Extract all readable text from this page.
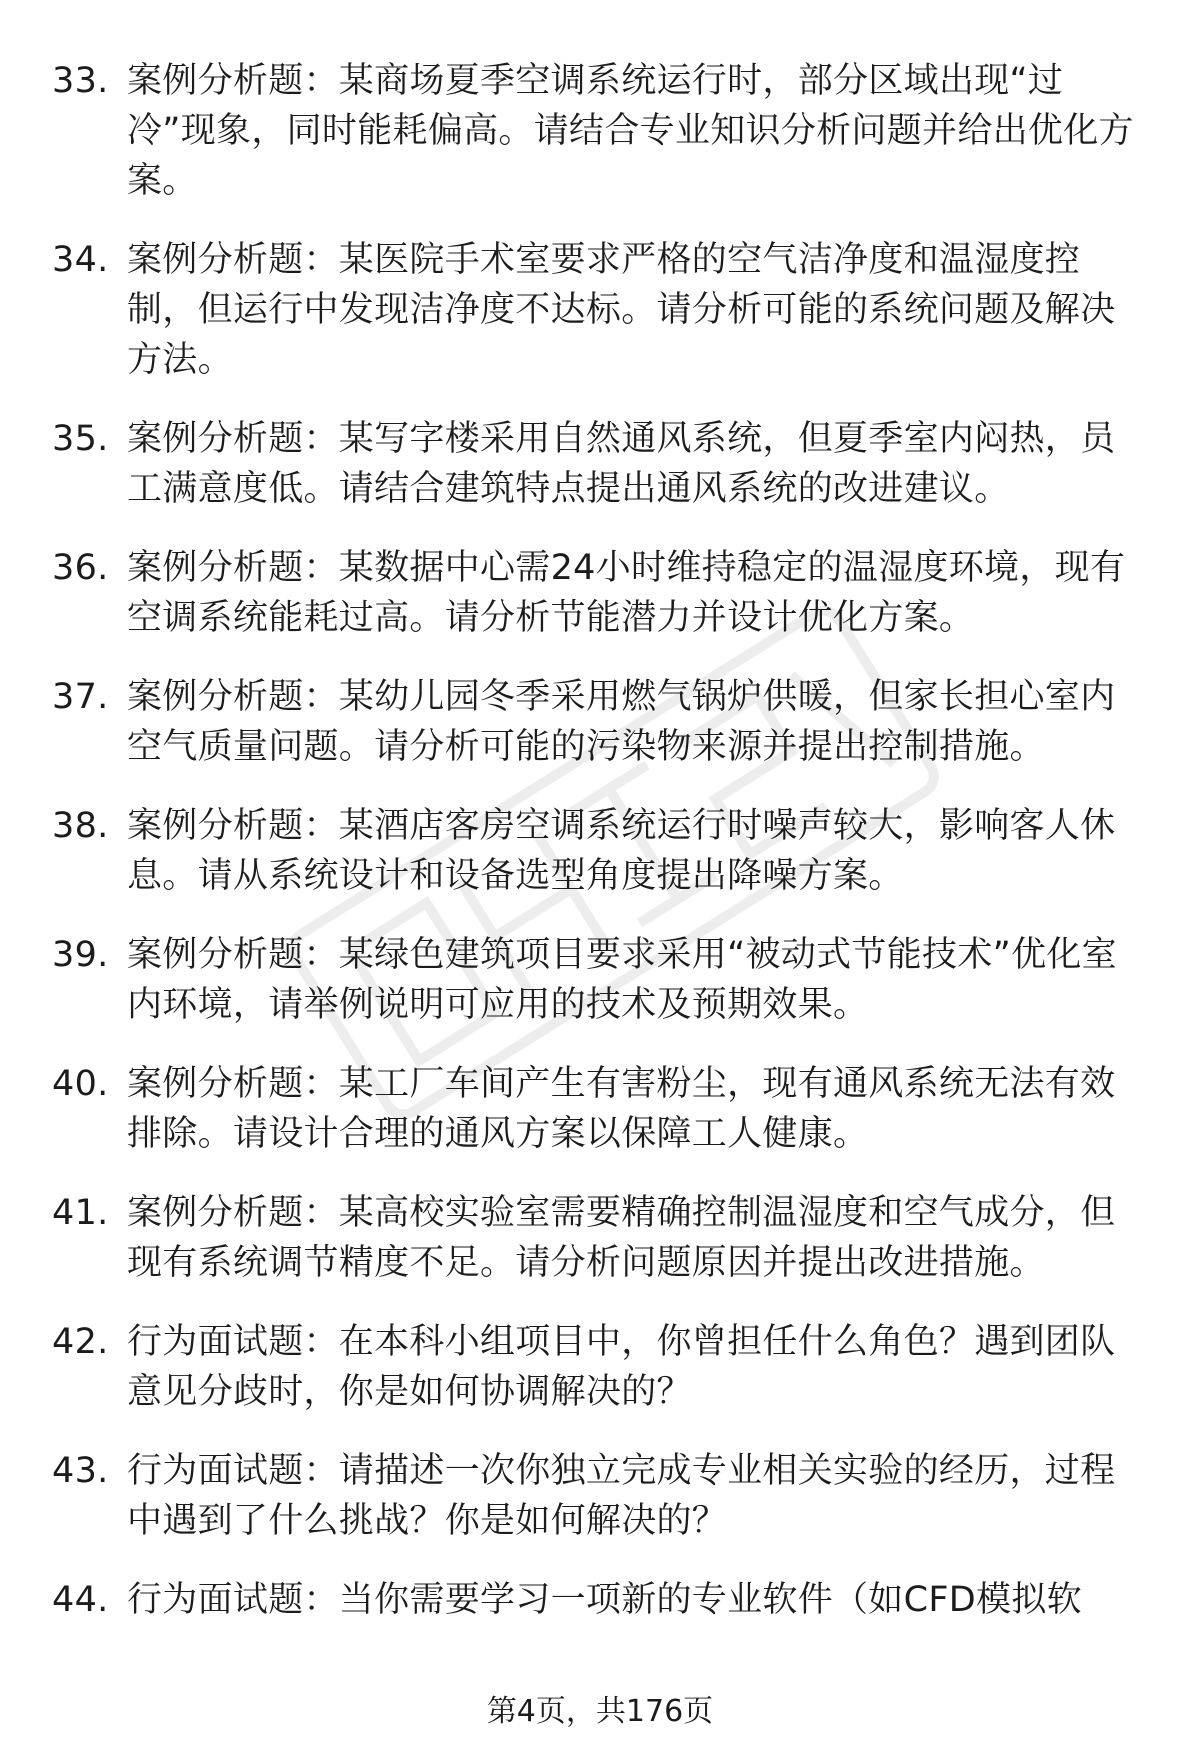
33. 案例分析题：某商场夏季空调系统运行时，部分区域出现“过冷”现象，同时能耗偏高。请结合专业知识分析问题并给出优化方案。
34. 案例分析题：某医院手术室要求严格的空气洁净度和温湿度控制，但运行中发现洁净度不达标。请分析可能的系统问题及解决方法。
35. 案例分析题：某写字楼采用自然通风系统，但夏季室内闷热，员工满意度低。请结合建筑特点提出通风系统的改进建议。
36. 案例分析题：某数据中心需24小时维持稳定的温湿度环境，现有空调系统能耗过高。请分析节能潜力并设计优化方案。
37. 案例分析题：某幼儿园冬季采用燃气锅炉供暖，但家长担心室内空气质量问题。请分析可能的污染物来源并提出控制措施。
38. 案例分析题：某酒店客房空调系统运行时噪声较大，影响客人休息。请从系统设计和设备选型角度提出降噪方案。
39. 案例分析题：某绿色建筑项目要求采用“被动式节能技术”优化室内环境，请举例说明可应用的技术及预期效果。
40. 案例分析题：某工厂车间产生有害粉尘，现有通风系统无法有效排除。请设计合理的通风方案以保障工人健康。
41. 案例分析题：某高校实验室需要精确控制温湿度和空气成分，但现有系统调节精度不足。请分析问题原因并提出改进措施。
42. 行为面试题：在本科小组项目中，你曾担任什么角色？遇到团队意见分歧时，你是如何协调解决的？
43. 行为面试题：请描述一次你独立完成专业相关实验的经历，过程中遇到了什么挑战？你是如何解决的？
44. 行为面试题：当你需要学习一项新的专业软件（如CFD模拟软
第4页，共176页
